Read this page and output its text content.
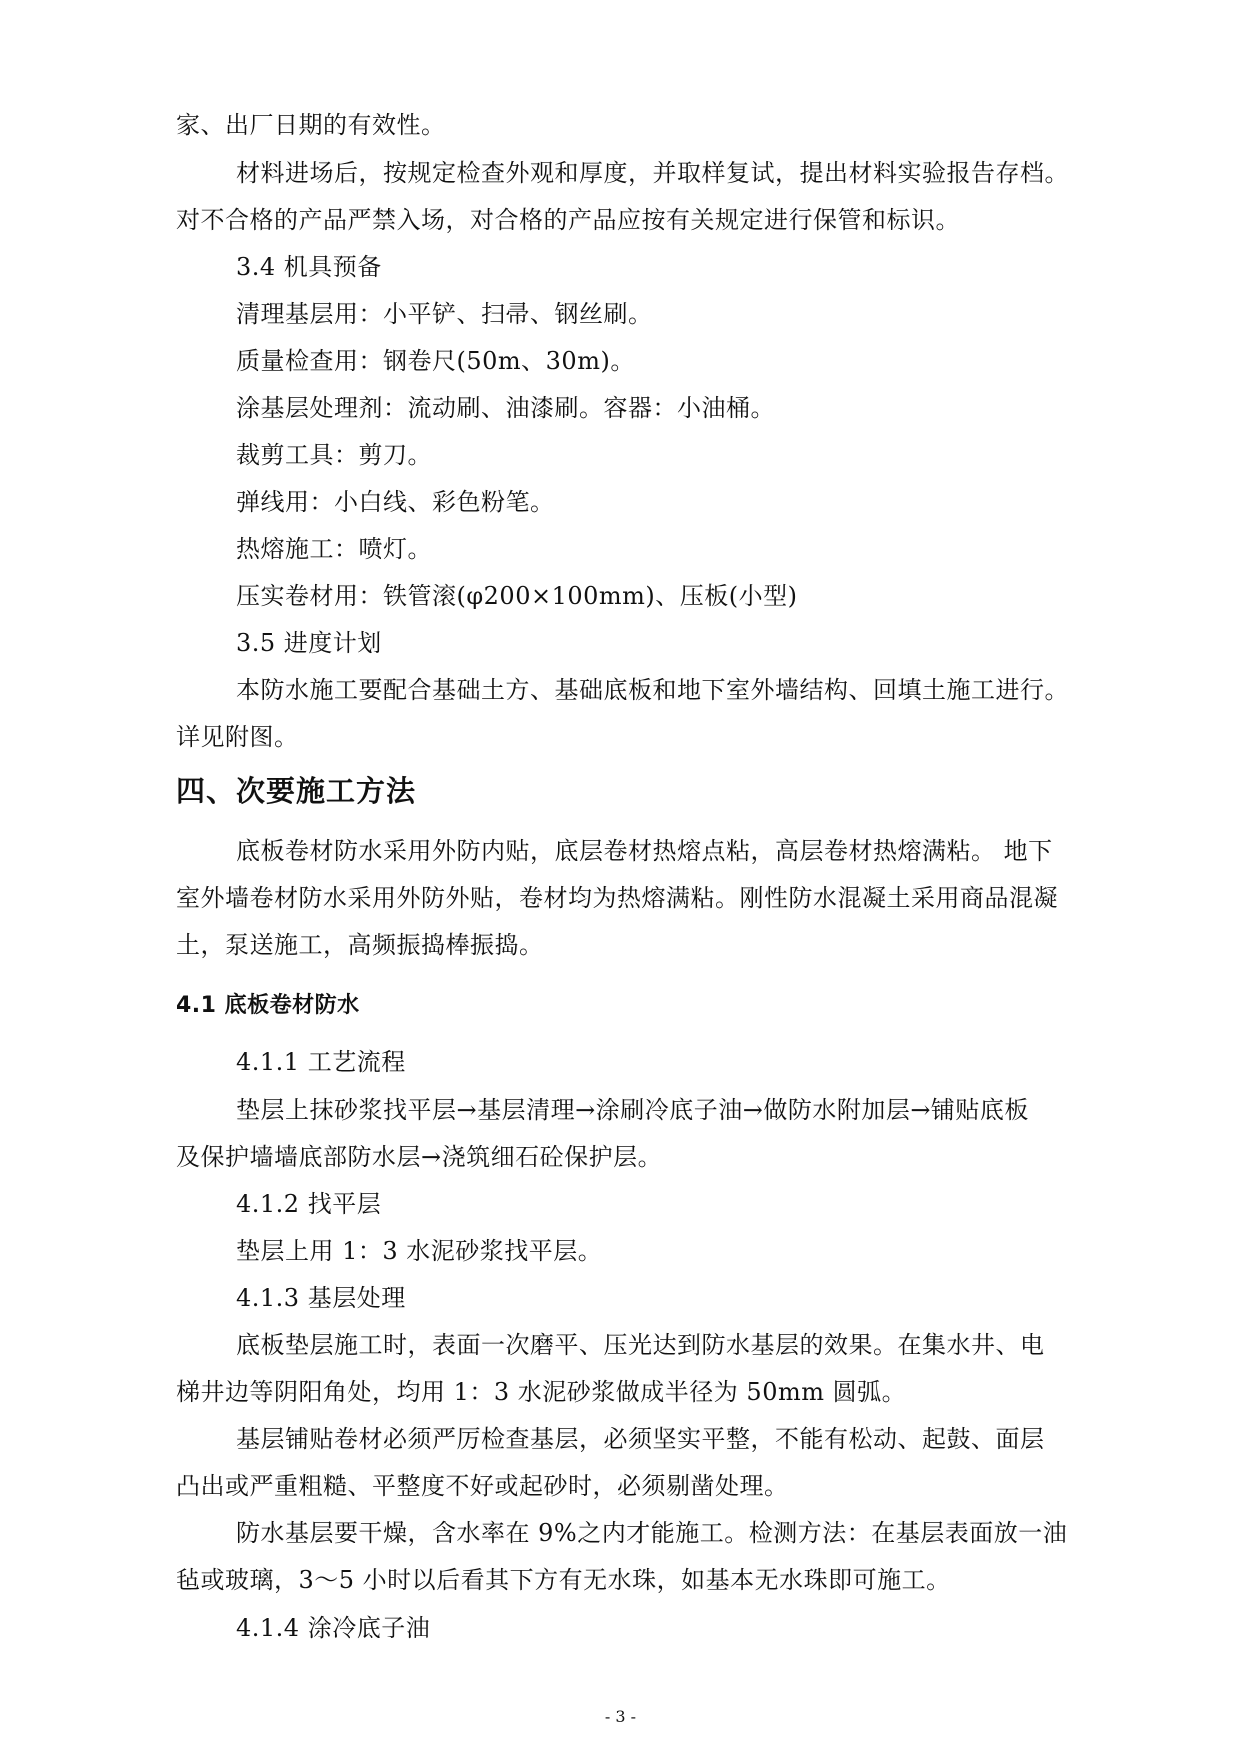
家、出厂日期的有效性。
材料进场后，按规定检查外观和厚度，并取样复试，提出材料实验报告存档。
对不合格的产品严禁入场，对合格的产品应按有关规定进行保管和标识。
3.4 机具预备
清理基层用：小平铲、扫帚、钢丝刷。
质量检查用：钢卷尺(50m、30m)。
涂基层处理剂：流动刷、油漆刷。容器：小油桶。
裁剪工具：剪刀。
弹线用：小白线、彩色粉笔。
热熔施工：喷灯。
压实卷材用：铁管滚(φ200×100mm)、压板(小型)
3.5 进度计划
本防水施工要配合基础土方、基础底板和地下室外墙结构、回填土施工进行。
详见附图。
四、次要施工方法
底板卷材防水采用外防内贴，底层卷材热熔点粘，高层卷材热熔满粘。 地下
室外墙卷材防水采用外防外贴，卷材均为热熔满粘。刚性防水混凝土采用商品混凝
土，泵送施工，高频振捣棒振捣。
4.1 底板卷材防水
4.1.1 工艺流程
垫层上抹砂浆找平层→基层清理→涂刷冷底子油→做防水附加层→铺贴底板
及保护墙墙底部防水层→浇筑细石砼保护层。
4.1.2 找平层
垫层上用 1：3 水泥砂浆找平层。
4.1.3 基层处理
底板垫层施工时，表面一次磨平、压光达到防水基层的效果。在集水井、电
梯井边等阴阳角处，均用 1：3 水泥砂浆做成半径为 50mm 圆弧。
基层铺贴卷材必须严厉检查基层，必须坚实平整，不能有松动、起鼓、面层
凸出或严重粗糙、平整度不好或起砂时，必须剔凿处理。
防水基层要干燥，含水率在 9%之内才能施工。检测方法：在基层表面放一油
毡或玻璃，3～5 小时以后看其下方有无水珠，如基本无水珠即可施工。
4.1.4 涂冷底子油
- 3 -
